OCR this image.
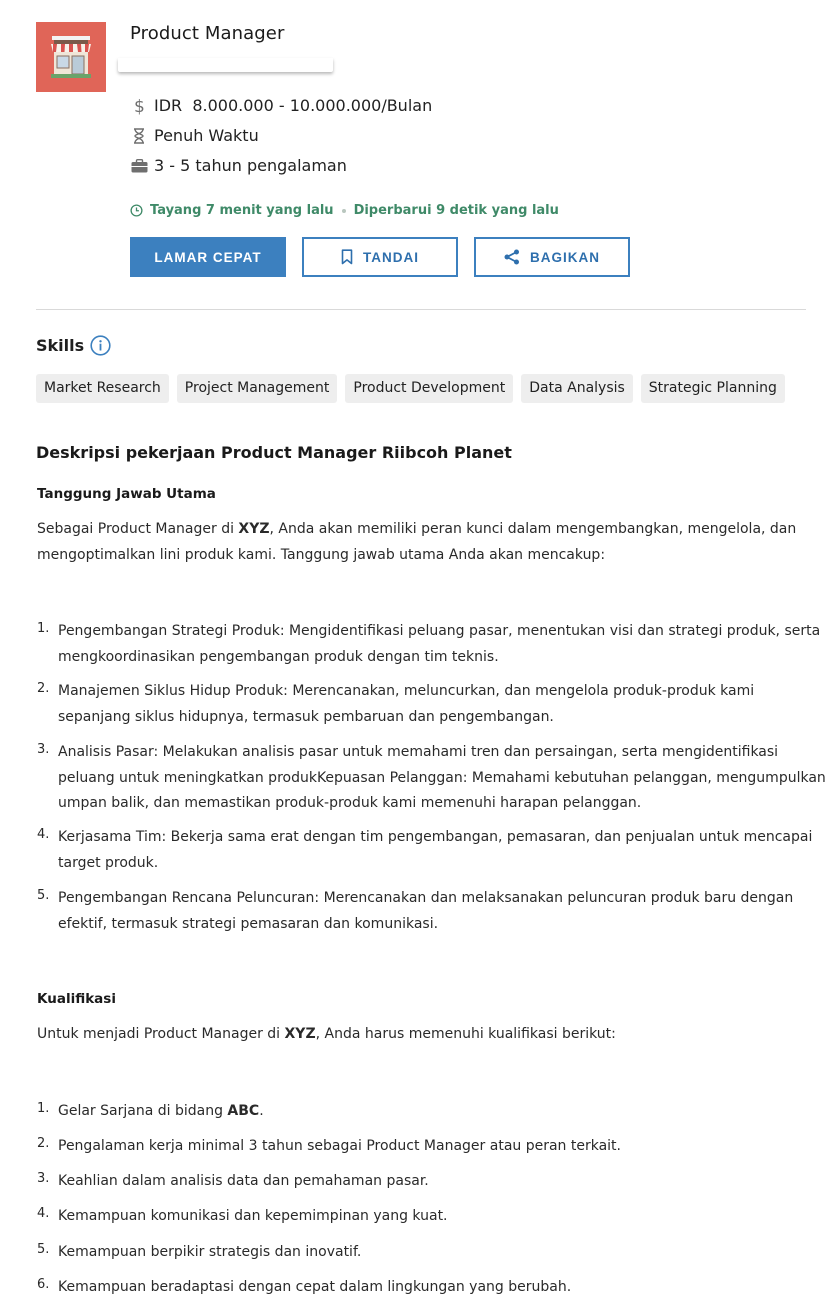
Product Manager
$ IDR  8.000.000 - 10.000.000/Bulan
Penuh Waktu
3 - 5 tahun pengalaman
Tayang 7 menit yang lalu Diperbarui 9 detik yang lalu
LAMAR CEPAT	TANDAI	BAGIKAN
Skills
Market Research	Project Management	Product Development	Data Analysis	Strategic Planning
Deskripsi pekerjaan Product Manager Riibcoh Planet
Tanggung Jawab Utama
Sebagai Product Manager di XYZ, Anda akan memiliki peran kunci dalam mengembangkan, mengelola, dan mengoptimalkan lini produk kami. Tanggung jawab utama Anda akan mencakup:
1. Pengembangan Strategi Produk: Mengidentifikasi peluang pasar, menentukan visi dan strategi produk, serta mengkoordinasikan pengembangan produk dengan tim teknis.
2. Manajemen Siklus Hidup Produk: Merencanakan, meluncurkan, dan mengelola produk-produk kami sepanjang siklus hidupnya, termasuk pembaruan dan pengembangan.
3. Analisis Pasar: Melakukan analisis pasar untuk memahami tren dan persaingan, serta mengidentifikasi peluang untuk meningkatkan produkKepuasan Pelanggan: Memahami kebutuhan pelanggan, mengumpulkan umpan balik, dan memastikan produk-produk kami memenuhi harapan pelanggan.
4. Kerjasama Tim: Bekerja sama erat dengan tim pengembangan, pemasaran, dan penjualan untuk mencapai target produk.
5. Pengembangan Rencana Peluncuran: Merencanakan dan melaksanakan peluncuran produk baru dengan efektif, termasuk strategi pemasaran dan komunikasi.
Kualifikasi
Untuk menjadi Product Manager di XYZ, Anda harus memenuhi kualifikasi berikut:
1. Gelar Sarjana di bidang ABC.
2. Pengalaman kerja minimal 3 tahun sebagai Product Manager atau peran terkait.
3. Keahlian dalam analisis data dan pemahaman pasar.
4. Kemampuan komunikasi dan kepemimpinan yang kuat.
5. Kemampuan berpikir strategis dan inovatif.
6. Kemampuan beradaptasi dengan cepat dalam lingkungan yang berubah.
